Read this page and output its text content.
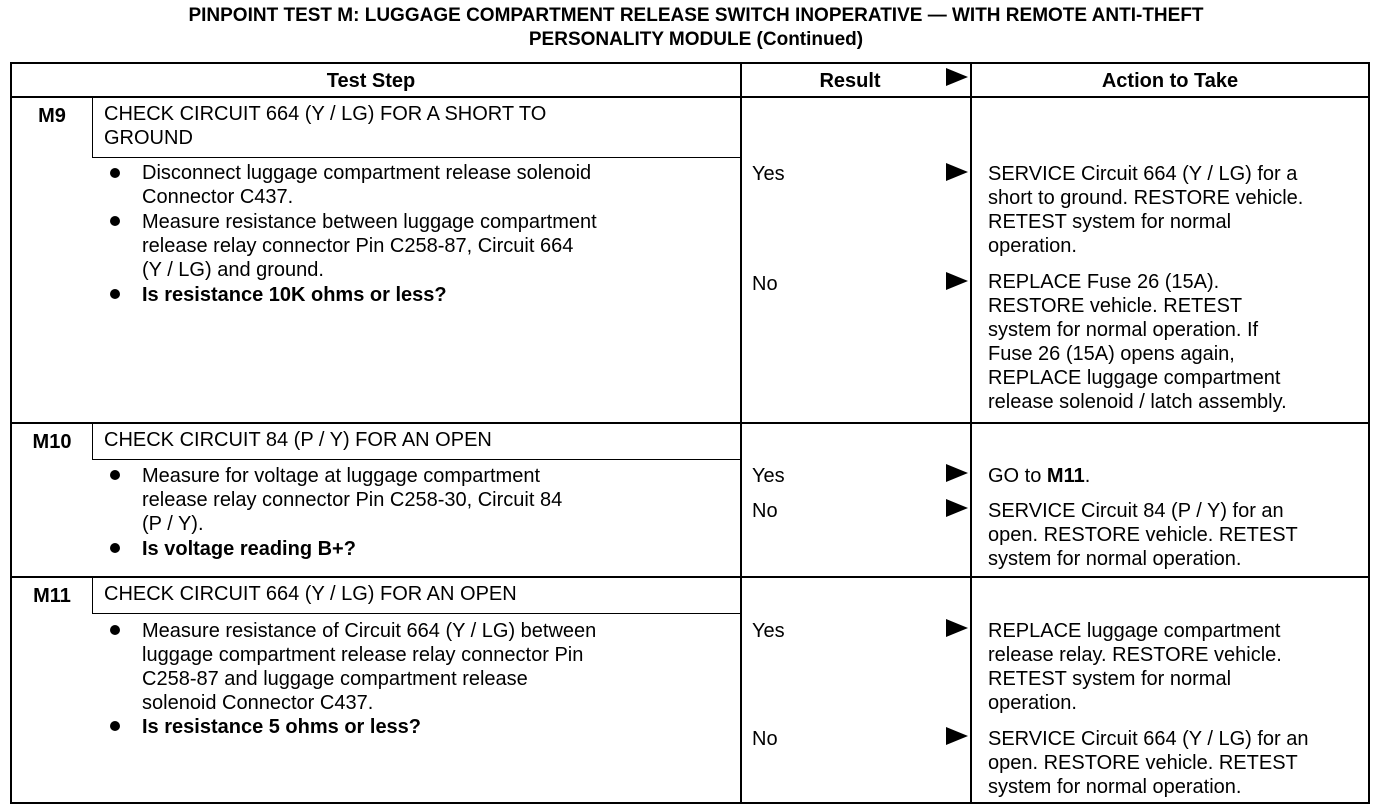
PINPOINT TEST M: LUGGAGE COMPARTMENT RELEASE SWITCH INOPERATIVE — WITH REMOTE ANTI-THEFT
PERSONALITY MODULE (Continued)
Test Step	Result	Action to Take
M9	CHECK CIRCUIT 664 (Y / LG) FOR A SHORT TO
GROUND
Disconnect luggage compartment release solenoid
Connector C437.
Measure resistance between luggage compartment
release relay connector Pin C258-87, Circuit 664
(Y / LG) and ground.
Is resistance 10K ohms or less?
Yes	SERVICE Circuit 664 (Y / LG) for a
short to ground. RESTORE vehicle.
RETEST system for normal
operation.
No	REPLACE Fuse 26 (15A).
RESTORE vehicle. RETEST
system for normal operation. If
Fuse 26 (15A) opens again,
REPLACE luggage compartment
release solenoid / latch assembly.
M10	CHECK CIRCUIT 84 (P / Y) FOR AN OPEN
Measure for voltage at luggage compartment
release relay connector Pin C258-30, Circuit 84
(P / Y).
Is voltage reading B+?
Yes	GO to M11.
No	SERVICE Circuit 84 (P / Y) for an
open. RESTORE vehicle. RETEST
system for normal operation.
M11	CHECK CIRCUIT 664 (Y / LG) FOR AN OPEN
Measure resistance of Circuit 664 (Y / LG) between
luggage compartment release relay connector Pin
C258-87 and luggage compartment release
solenoid Connector C437.
Is resistance 5 ohms or less?
Yes	REPLACE luggage compartment
release relay. RESTORE vehicle.
RETEST system for normal
operation.
No	SERVICE Circuit 664 (Y / LG) for an
open. RESTORE vehicle. RETEST
system for normal operation.
